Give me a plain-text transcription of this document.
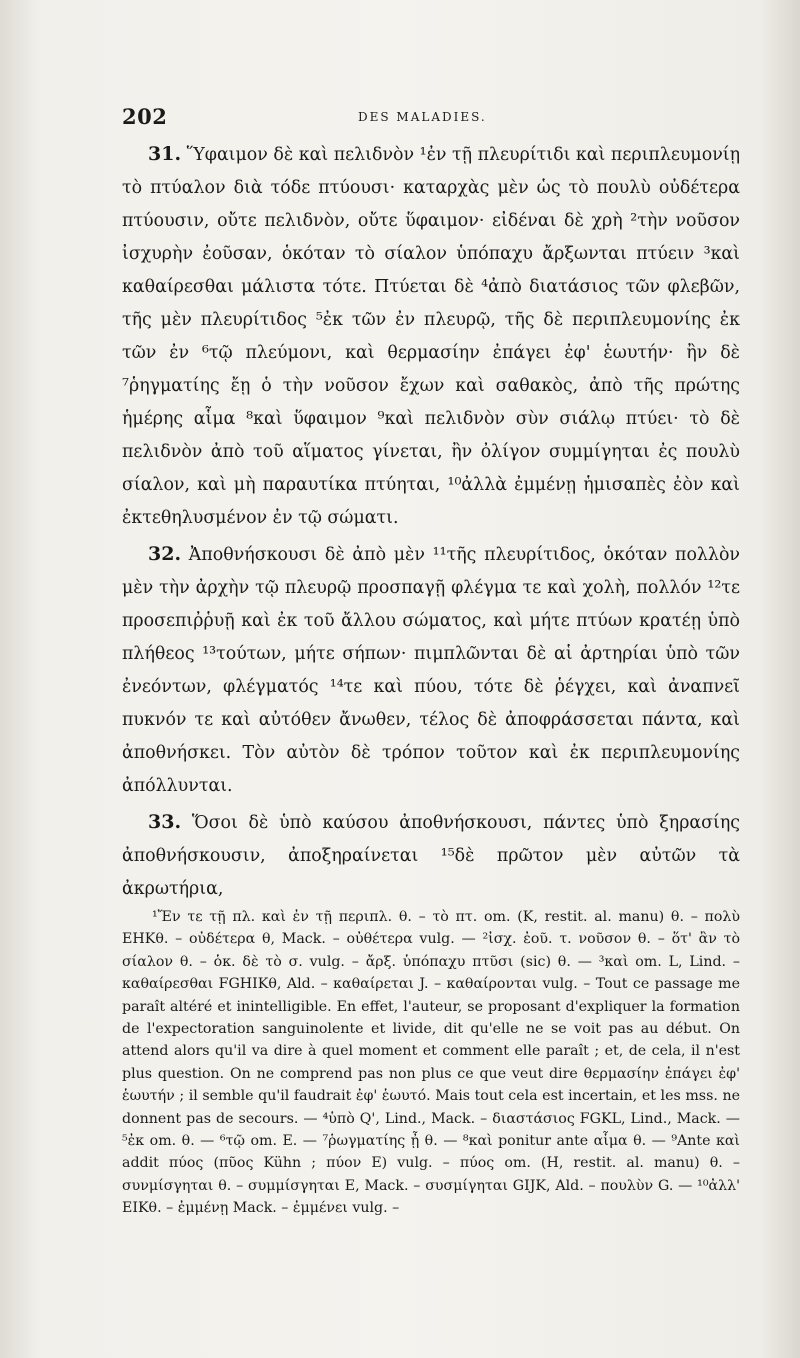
202	DES MALADIES.

31. Ὕφαιμον δὲ καὶ πελιδνὸν ¹ἐν τῇ πλευρίτιδι καὶ περιπλευμονίῃ τὸ πτύαλον διὰ τόδε πτύουσι· καταρχὰς μὲν ὡς τὸ πουλὺ οὐδέτερα πτύουσιν, οὔτε πελιδνὸν, οὔτε ὕφαιμον· εἰδέναι δὲ χρὴ ²τὴν νοῦσον ἰσχυρὴν ἐοῦσαν, ὁκόταν τὸ σίαλον ὑπόπαχυ ἄρξωνται πτύειν ³καὶ καθαίρεσθαι μάλιστα τότε. Πτύεται δὲ ⁴ἀπὸ διατάσιος τῶν φλεβῶν, τῆς μὲν πλευρίτιδος ⁵ἐκ τῶν ἐν πλευρῷ, τῆς δὲ περιπλευμονίης ἐκ τῶν ἐν ⁶τῷ πλεύμονι, καὶ θερμασίην ἐπάγει ἐφ' ἑωυτήν· ἢν δὲ ⁷ῥηγματίης ἔῃ ὁ τὴν νοῦσον ἔχων καὶ σαθακὸς, ἀπὸ τῆς πρώτης ἡμέρης αἷμα ⁸καὶ ὕφαιμον ⁹καὶ πελιδνὸν σὺν σιάλῳ πτύει· τὸ δὲ πελιδνὸν ἀπὸ τοῦ αἵματος γίνεται, ἢν ὀλίγον συμμίγηται ἐς πουλὺ σίαλον, καὶ μὴ παραυτίκα πτύηται, ¹⁰ἀλλὰ ἐμμένῃ ἡμισαπὲς ἐὸν καὶ ἐκτεθηλυσμένον ἐν τῷ σώματι.

32. Ἀποθνήσκουσι δὲ ἀπὸ μὲν ¹¹τῆς πλευρίτιδος, ὁκόταν πολλὸν μὲν τὴν ἀρχὴν τῷ πλευρῷ προσπαγῇ φλέγμα τε καὶ χολὴ, πολλόν ¹²τε προσεπιῤῥυῇ καὶ ἐκ τοῦ ἄλλου σώματος, καὶ μήτε πτύων κρατέῃ ὑπὸ πλήθεος ¹³τούτων, μήτε σήπων· πιμπλῶνται δὲ αἱ ἀρτηρίαι ὑπὸ τῶν ἐνεόντων, φλέγματός ¹⁴τε καὶ πύου, τότε δὲ ῥέγχει, καὶ ἀναπνεῖ πυκνόν τε καὶ αὐτόθεν ἄνωθεν, τέλος δὲ ἀποφράσσεται πάντα, καὶ ἀποθνήσκει. Τὸν αὐτὸν δὲ τρόπον τοῦτον καὶ ἐκ περιπλευμονίης ἀπόλλυνται.

33. Ὅσοι δὲ ὑπὸ καύσου ἀποθνήσκουσι, πάντες ὑπὸ ξηρασίης ἀποθνήσκουσιν, ἀποξηραίνεται ¹⁵δὲ πρῶτον μὲν αὐτῶν τὰ ἀκρωτήρια,

¹Ἔν τε τῇ πλ. καὶ ἐν τῇ περιπλ. θ. – τὸ πτ. om. (K, restit. al. manu) θ. – πολὺ EHKθ. – οὐδέτερα θ, Mack. – οὐθέτερα vulg. — ²ἰσχ. ἐοῦ. τ. νοῦσον θ. – ὅτ' ἂν τὸ σίαλον θ. – ὁκ. δὲ τὸ σ. vulg. – ἄρξ. ὑπόπαχυ πτῦσι (sic) θ. — ³καὶ om. L, Lind. – καθαίρεσθαι FGHIKθ, Ald. – καθαίρεται J. – καθαίρονται vulg. – Tout ce passage me paraît altéré et inintelligible. En effet, l'auteur, se proposant d'expliquer la formation de l'expectoration sanguinolente et livide, dit qu'elle ne se voit pas au début. On attend alors qu'il va dire à quel moment et comment elle paraît ; et, de cela, il n'est plus question. On ne comprend pas non plus ce que veut dire θερμασίην ἐπάγει ἐφ' ἑωυτήν ; il semble qu'il faudrait ἐφ' ἑωυτό. Mais tout cela est incertain, et les mss. ne donnent pas de secours. — ⁴ὑπὸ Q', Lind., Mack. – διαστάσιος FGKL, Lind., Mack. — ⁵ἐκ om. θ. — ⁶τῷ om. E. — ⁷ῥωγματίης ᾖ θ. — ⁸καὶ ponitur ante αἷμα θ. — ⁹Ante καὶ addit πύος (πῦος Kühn ; πύον E) vulg. – πύος om. (H, restit. al. manu) θ. – συνμίσγηται θ. – συμμίσγηται E, Mack. – συσμίγηται GIJK, Ald. – πουλὺν G. — ¹⁰ἀλλ' EIKθ. – ἐμμένῃ Mack. – ἐμμένει vulg. –
